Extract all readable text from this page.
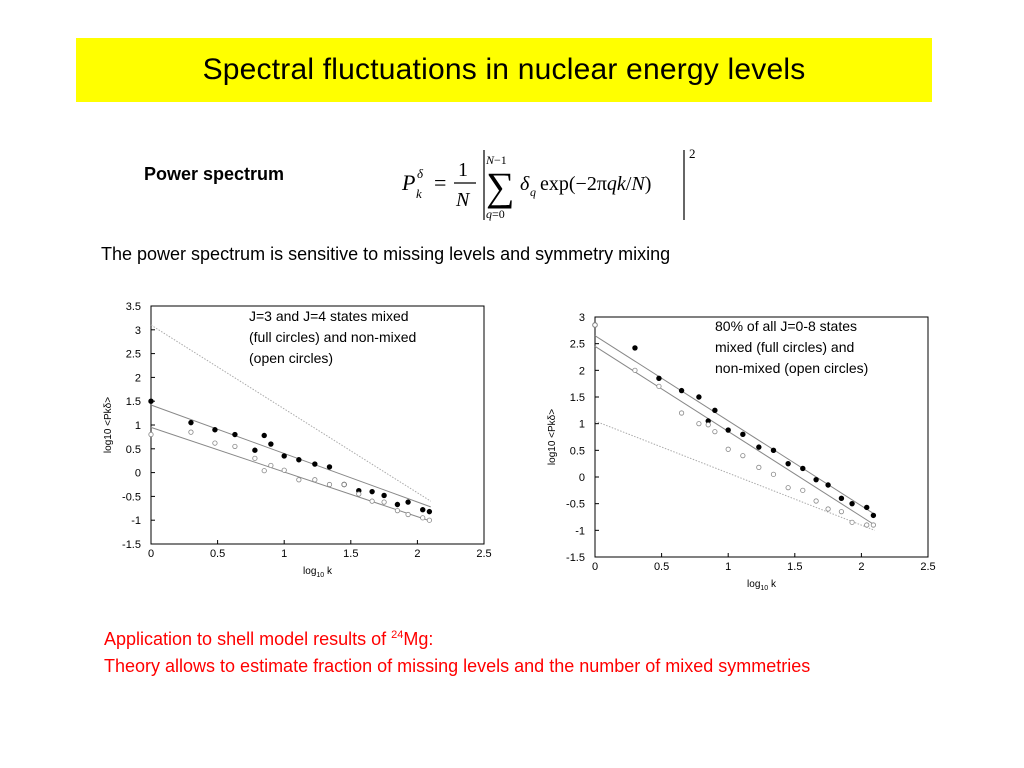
Spectral fluctuations in nuclear energy levels
Power spectrum	P k
δ = 1
N
N−1
∑
q=0
δ q exp(−2πqk/N)
2
The power spectrum is sensitive to missing levels and symmetry mixing
0	0.5	1	1.5	2	2.5
-1.5
-1
-0.5
0
0.5
1
1.5
2
2.5
3
3.5
$\log_{10} k$
log10 <Pkδ>
J=3 and J=4 states mixed
(full circles) and non-mixed
(open circles)
0	0.5	1	1.5	2	2.5
-1.5
-1
-0.5
0
0.5
1
1.5
2
2.5
3
$\log_{10} k$
log10 <Pkδ>
80% of all J=0-8 states
mixed (full circles) and
non-mixed (open circles)
Application to shell model results of $^{24}$Mg:
Theory allows to estimate fraction of missing levels and the number of mixed symmetries
